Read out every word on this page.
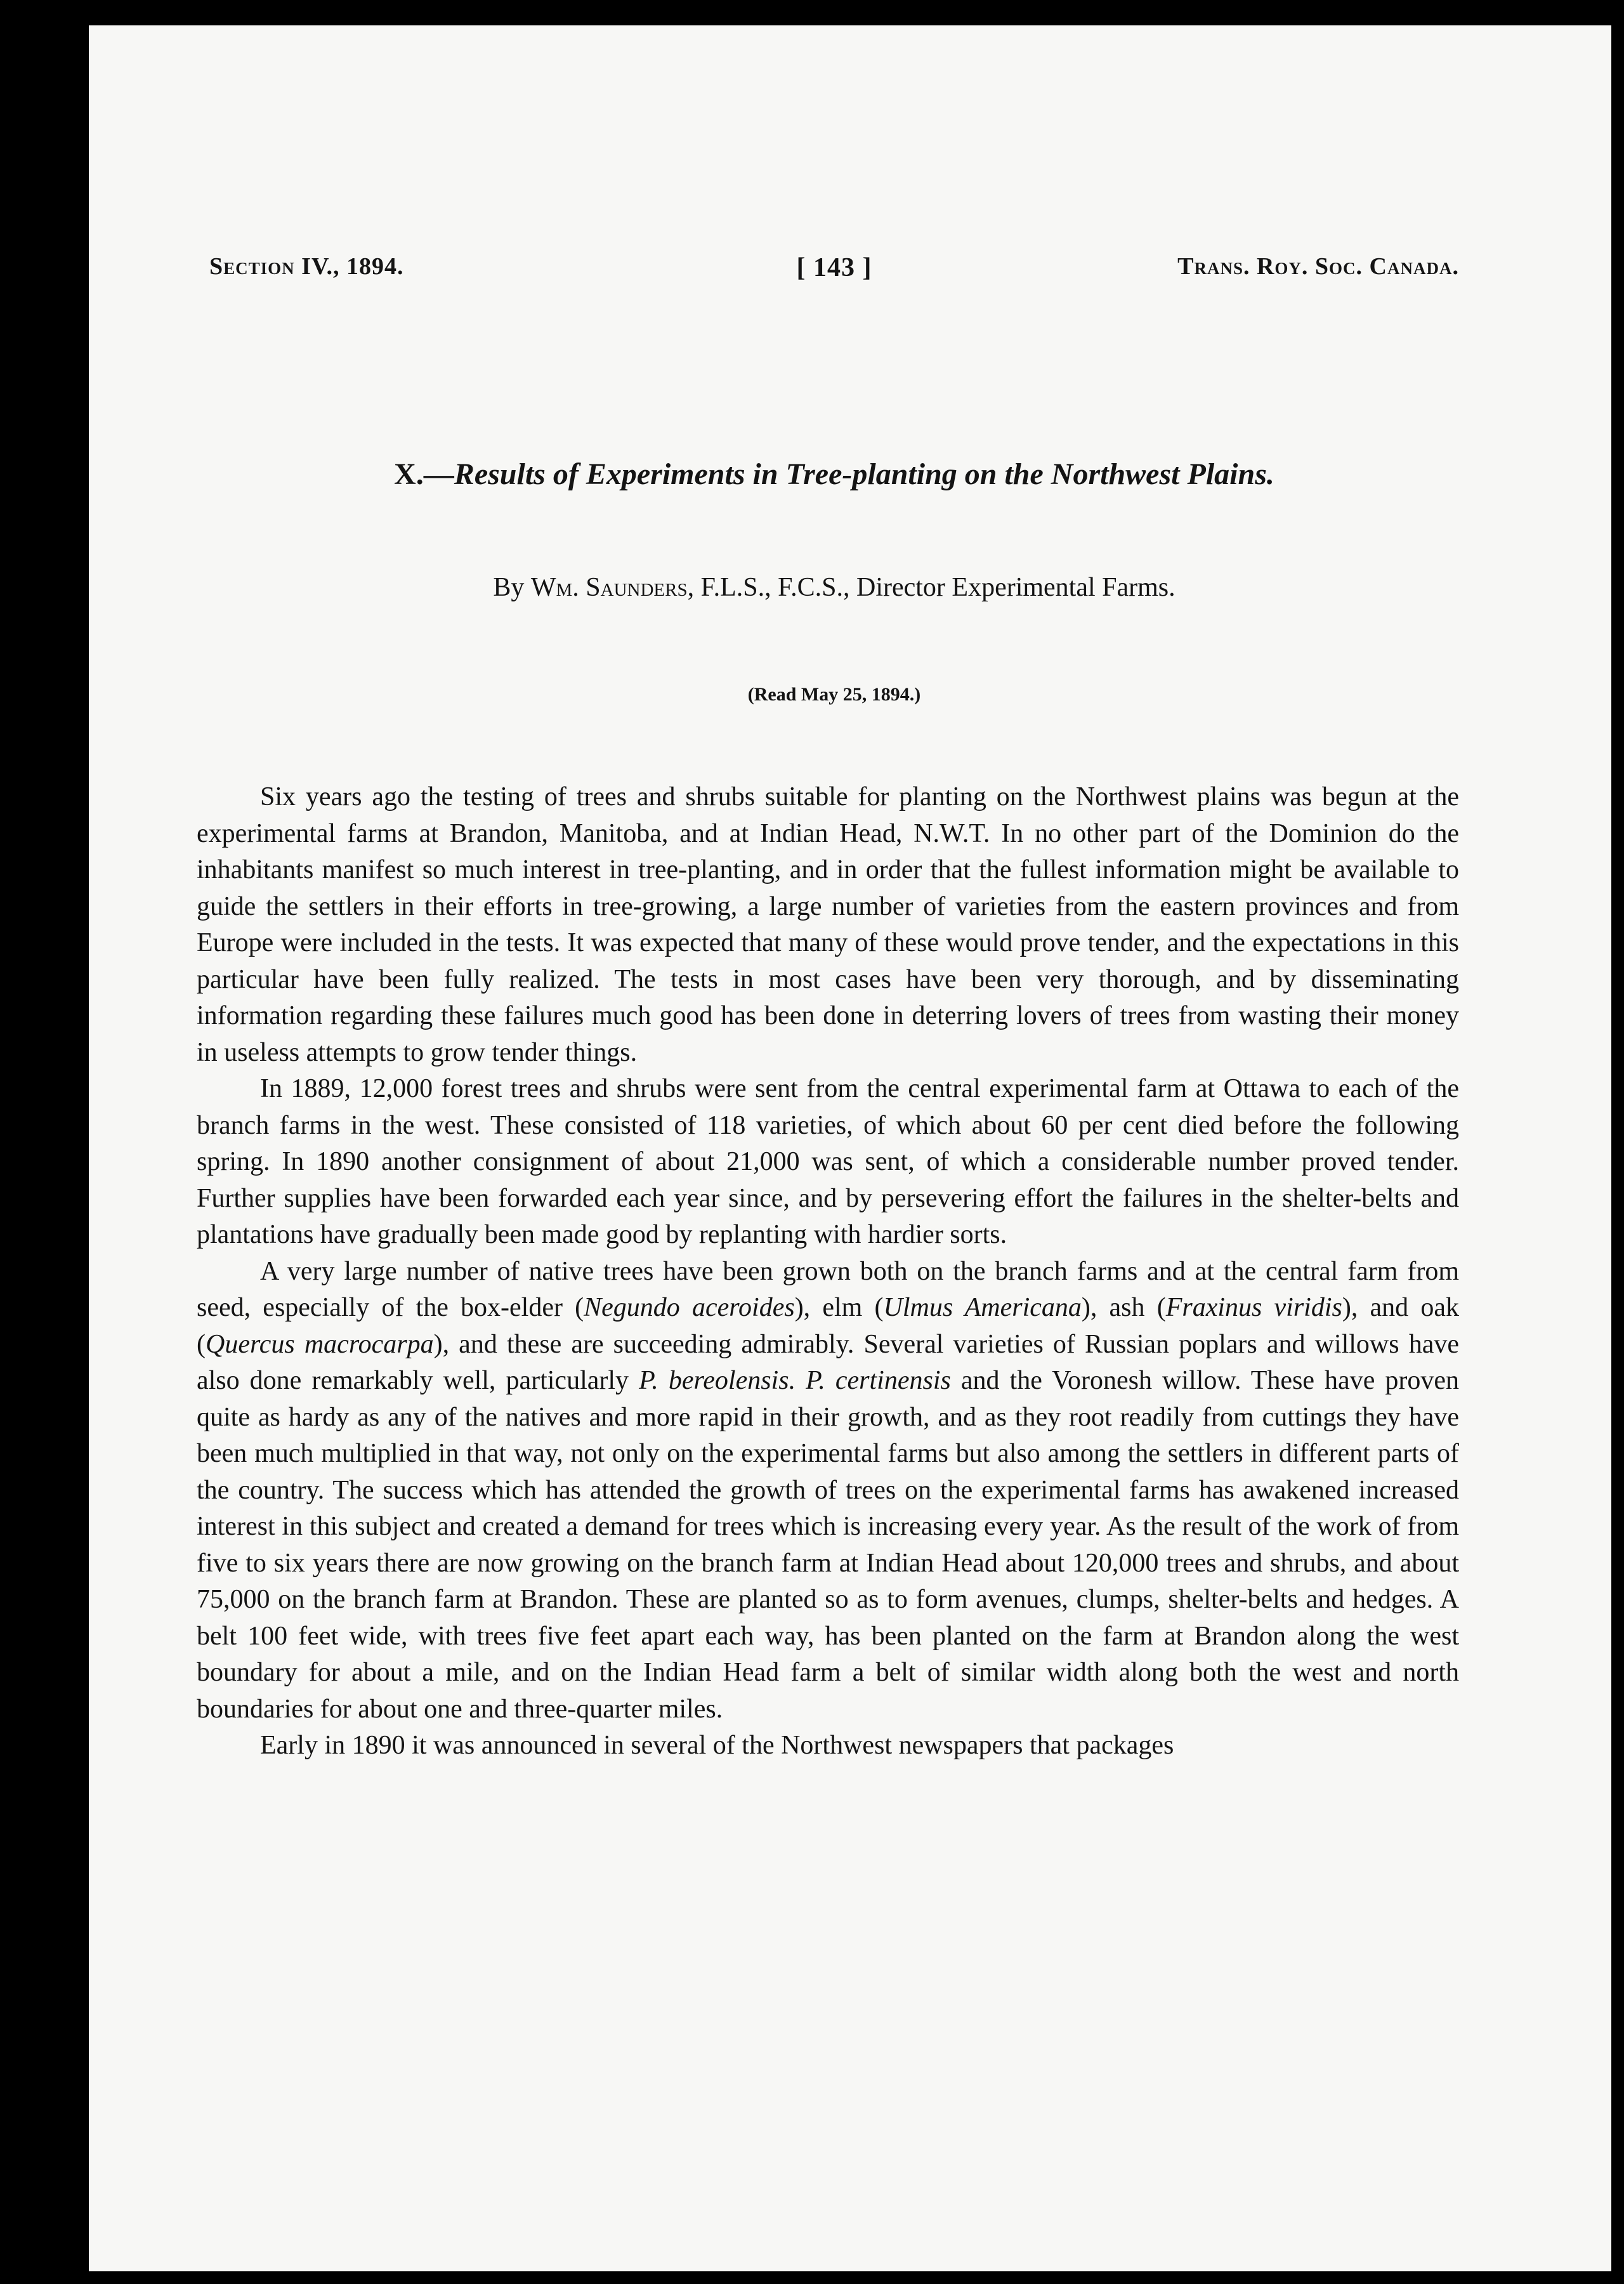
Section IV., 1894.	[ 143 ]	Trans. Roy. Soc. Canada.
X.—Results of Experiments in Tree-planting on the Northwest Plains.
By Wm. Saunders, F.L.S., F.C.S., Director Experimental Farms.
(Read May 25, 1894.)

Six years ago the testing of trees and shrubs suitable for planting on the Northwest plains was begun at the experimental farms at Brandon, Manitoba, and at Indian Head, N.W.T. In no other part of the Dominion do the inhabitants manifest so much interest in tree-planting, and in order that the fullest information might be available to guide the settlers in their efforts in tree-growing, a large number of varieties from the eastern provinces and from Europe were included in the tests. It was expected that many of these would prove tender, and the expectations in this particular have been fully realized. The tests in most cases have been very thorough, and by disseminating information regarding these failures much good has been done in deterring lovers of trees from wasting their money in useless attempts to grow tender things.

In 1889, 12,000 forest trees and shrubs were sent from the central experimental farm at Ottawa to each of the branch farms in the west. These consisted of 118 varieties, of which about 60 per cent died before the following spring. In 1890 another consignment of about 21,000 was sent, of which a considerable number proved tender. Further supplies have been forwarded each year since, and by persevering effort the failures in the shelter-belts and plantations have gradually been made good by replanting with hardier sorts.

A very large number of native trees have been grown both on the branch farms and at the central farm from seed, especially of the box-elder (Negundo aceroides), elm (Ulmus Americana), ash (Fraxinus viridis), and oak (Quercus macrocarpa), and these are succeeding admirably. Several varieties of Russian poplars and willows have also done remarkably well, particularly P. bereolensis. P. certinensis and the Voronesh willow. These have proven quite as hardy as any of the natives and more rapid in their growth, and as they root readily from cuttings they have been much multiplied in that way, not only on the experimental farms but also among the settlers in different parts of the country. The success which has attended the growth of trees on the experimental farms has awakened increased interest in this subject and created a demand for trees which is increasing every year. As the result of the work of from five to six years there are now growing on the branch farm at Indian Head about 120,000 trees and shrubs, and about 75,000 on the branch farm at Brandon. These are planted so as to form avenues, clumps, shelter-belts and hedges. A belt 100 feet wide, with trees five feet apart each way, has been planted on the farm at Brandon along the west boundary for about a mile, and on the Indian Head farm a belt of similar width along both the west and north boundaries for about one and three-quarter miles.

Early in 1890 it was announced in several of the Northwest newspapers that packages
